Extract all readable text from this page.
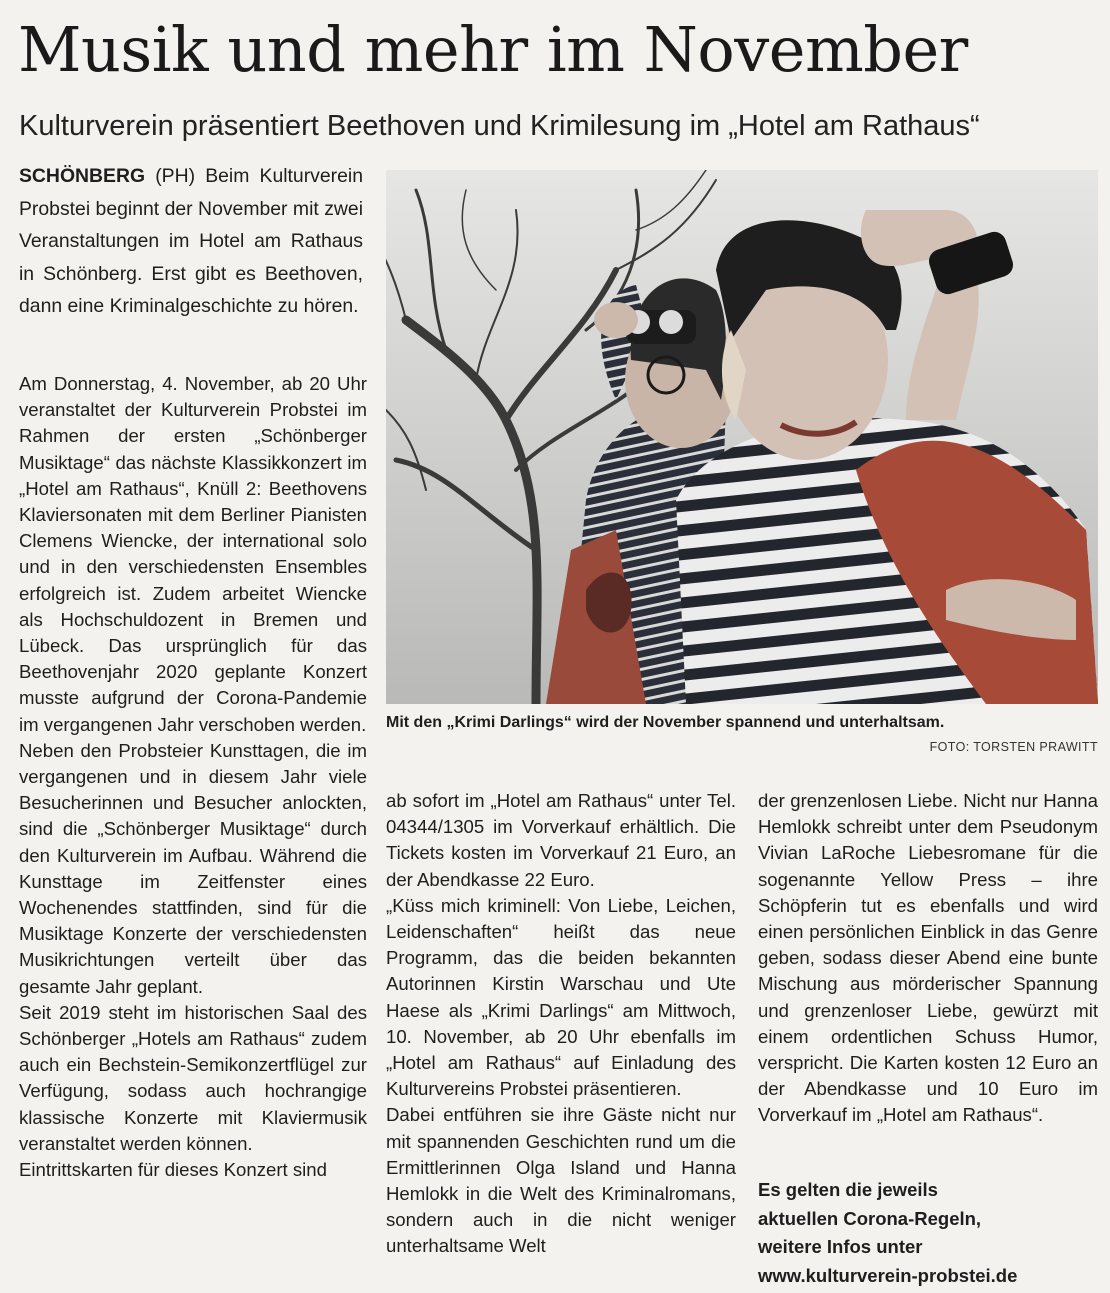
Musik und mehr im November
Kulturverein präsentiert Beethoven und Krimilesung im „Hotel am Rathaus“

SCHÖNBERG (PH) Beim Kulturverein Probstei beginnt der November mit zwei Veranstaltungen im Hotel am Rathaus in Schönberg. Erst gibt es Beethoven, dann eine Kriminalgeschichte zu hören.

Am Donnerstag, 4. November, ab 20 Uhr veranstaltet der Kulturverein Probstei im Rahmen der ersten „Schönberger Musiktage“ das nächste Klassikkonzert im „Hotel am Rathaus“, Knüll 2: Beethovens Klaviersonaten mit dem Berliner Pianisten Clemens Wiencke, der international solo und in den verschiedensten Ensembles erfolgreich ist. Zudem arbeitet Wiencke als Hochschuldozent in Bremen und Lübeck. Das ursprünglich für das Beethovenjahr 2020 geplante Konzert musste aufgrund der Corona-Pandemie im vergangenen Jahr verschoben werden.

Neben den Probsteier Kunsttagen, die im vergangenen und in diesem Jahr viele Besucherinnen und Besucher anlockten, sind die „Schönberger Musiktage“ durch den Kulturverein im Aufbau. Während die Kunsttage im Zeitfenster eines Wochenendes stattfinden, sind für die Musiktage Konzerte der verschiedensten Musikrichtungen verteilt über das gesamte Jahr geplant.

Seit 2019 steht im historischen Saal des Schönberger „Hotels am Rathaus“ zudem auch ein Bechstein-Semikonzertflügel zur Verfügung, sodass auch hochrangige klassische Konzerte mit Klaviermusik veranstaltet werden können.

Eintrittskarten für dieses Konzert sind

Mit den „Krimi Darlings“ wird der November spannend und unterhaltsam.
FOTO: TORSTEN PRAWITT

ab sofort im „Hotel am Rathaus“ unter Tel. 04344/1305 im Vorverkauf erhältlich. Die Tickets kosten im Vorverkauf 21 Euro, an der Abendkasse 22 Euro.

„Küss mich kriminell: Von Liebe, Leichen, Leidenschaften“ heißt das neue Programm, das die beiden bekannten Autorinnen Kirstin Warschau und Ute Haese als „Krimi Darlings“ am Mittwoch, 10. November, ab 20 Uhr ebenfalls im „Hotel am Rathaus“ auf Einladung des Kulturvereins Probstei präsentieren.

Dabei entführen sie ihre Gäste nicht nur mit spannenden Geschichten rund um die Ermittlerinnen Olga Island und Hanna Hemlokk in die Welt des Kriminalromans, sondern auch in die nicht weniger unterhaltsame Welt

der grenzenlosen Liebe. Nicht nur Hanna Hemlokk schreibt unter dem Pseudonym Vivian LaRoche Liebesromane für die sogenannte Yellow Press – ihre Schöpferin tut es ebenfalls und wird einen persönlichen Einblick in das Genre geben, sodass dieser Abend eine bunte Mischung aus mörderischer Spannung und grenzenloser Liebe, gewürzt mit einem ordentlichen Schuss Humor, verspricht. Die Karten kosten 12 Euro an der Abendkasse und 10 Euro im Vorverkauf im „Hotel am Rathaus“.

Es gelten die jeweils
aktuellen Corona-Regeln,
weitere Infos unter
www.kulturverein-probstei.de
